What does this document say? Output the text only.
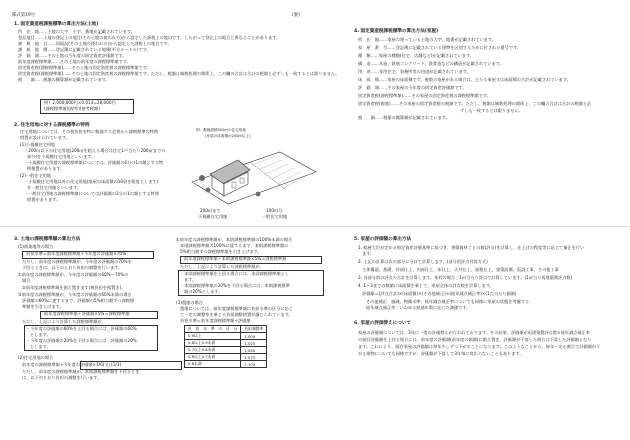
様式第19号	(裏)
1. 固定資産税課税標準の算出方法(土地)
所　在　地……土地の大字、小字、番地が記載されています。
登記地目……土地の登記上の地目(その土地の使われ方)から認定した課税上の地目です。したがって登記上の地目と異なることがあります。
課　税　地　目……同現況(その土地の使われ方)から認定した課税上の地目です。
課　税　地　積……登記簿に記載されている地積(平方メートル)です。
評　価　額……その土地の今年度の固定資産評価額です。
前年度課税標準額……その土地の前年度の課税標準額です。
固定資産税(課税標準額)……その土地の固定資産税の課税標準額です。
固定資産税(課税標準額)……その土地の固定資産税の課税標準額です。ただし、税額は端数処理の関係上、この欄の合計は合計の税額と必ずしも一致するとは限りません。
税　　額……税額の概算額が記載されています。
例）2,000,000円×0.014=28,000円
(課税標準額)(税率)(参考税額)
2. 住宅用地に対する課税標準の特例
住宅用地については、その税負担を特に軽減する必要から課税標準の特例
措置が設けられています。
(1)小規模住宅用地
・200㎡以下の住宅用地(200㎡を超える場合は住宅1戸当たり200㎡までの
部分)を小規模住宅用地といいます。
・小規模住宅用地の課税標準額については、評価額の6分の1の額とする特
例措置があります。
(2)一般住宅用地
・小規模住宅用地以外の住宅用地(家屋の床面積の10倍を限度とします)
を一般住宅用地といいます。
・一般住宅用地の課税標準額については評価額の3分の1の額とする特例
措置があります。
例：敷地面積300㎡の住宅用地
(家屋の床面積が200㎡以上)
200㎡まで
小規模住宅用地
100㎡分
一般住宅用地
4. 固定資産税課税標準の算出方法(家屋)
所　在　地……家屋の建っている土地の大字、地番が記載されています。
家　屋　番　号……登記簿に記載されている建物を区別するために付された番号です。
種　類……家屋の種類(住宅、店舗など)が記載されています。
構　造……木造、鉄筋コンクリート、鉄骨造などの構造が記載されています。
用　途……専用住宅、事務所等の用途が記載されています。
床　面　積……家屋の床面積です。複数の家屋がある場合は、主たる家屋又は床面積の合計が記載されています。
評　価　額……その家屋の今年度の固定資産評価額です。
固定資産税(課税標準額)……その家屋の固定資産税の課税標準額です。
固定資産税(税額)……その家屋の固定資産税の税額です。ただし、税額は端数処理の関係上、この欄の合計は合計の税額と必
ずしも一致するとは限りません。
税　　額……税額の概算額が記載されています。
3. 土地の課税標準額の算出方法
(1)商業地等の場合
負担水準＝前年度課税標準額÷今年度の評価額×70%
ただし、前年度の課税標準額が、今年度の評価額の70%を
下回るときは、以下のとおり負担の調整を行います。
①前年度の課税標準額が、今年度の評価額の60%～70%の
場合
②前年度課税標準額を据え置きます(税負担を据置き)。
③前年度の課税標準額が、今年度の評価額の60%未満の場合
評価額の60%に達するまで、評価額の5%相当額ずつ課税標
準額を引き上げます。
前年度課税標準額＋評価額×5%＝課税標準額
ただし、上記により計算した課税標準額が、
・今年度の評価額の60%を上回る場合には、評価額の60%
とします。
・今年度の評価額の20%を下回る場合には、評価額の20%
とします。
(2)住宅用地の場合
前年度の課税標準額÷今年度の評価額×1/6(又は1/3)
ただし、前年度の課税標準額が、本則課税標準額を下回るとき
は、以下のとおり負担の調整を行います。
①前年度の課税標準額が、本則課税標準額の100%未満の場合
本則課税標準額の100%に達するまで、本則課税標準額の
5%相当額ずつ課税標準額を引き上げます。
前年度課税標準額＋本則課税標準額×5%＝課税標準額
ただし、上記により計算した課税標準額が、
・本則課税標準額を上回る場合には、本則課税標準額とし
ます。
・本則課税標準額の20%を下回る場合には、本則課税標準
額の20%とします。
(3)農地の場合
農地については、前年度課税標準額に負担水準の区分に応じ
て一定の調整率を乗じる負担調整措置が講じられています。
負担水準＝前年度課税標準額÷評価額
負　担　水　準　の　区　分	負担調整率
0.9以上	1.000
0.8以上0.9未満	1.025
0.7以上0.8未満	1.050
0.6以上0.7未満	1.075
0.6未満	1.100
5. 家屋の評価額の算出方法
1. 総務大臣が定める固定資産評価基準に基づき、建築資材ごとの数(評点)を計算し、仕上げの程度等に応じて補正を行い
ます。
2. 上記の計算は次の部分に分けて計算します。(部分別評点付設方式)
主体構造、基礎、外部仕上、内部仕上、床仕上、天井仕上、屋根仕上、建築設備、仮設工事、その他工事
3. 各部分別の評点の合計を計算します。本村の場合、1㎡当たり評点で計算しています。(1㎡当り再建築費評点数)
4. 1～3までの数値に床面積を乗じて、家屋全体の評点数を計算します。
評価額＝(評点合計)×(床面積)×(その他補正)×(経年減点補正率)×(1点当たり価額)
その他補正：過疎、物価水準、経年減点補正率についても同様に家屋の状態を考慮する
経年減点補正率：いわゆる経過年数に応じた減価です。
6. 家屋の評価替えについて
家屋の評価額については、3年に一度の評価替えが行われております。その結果、評価額が再建築費評点数×経年減点補正率
の前回評価額を上回る場合には、前年度の評価額(前年度の価額)に据え置き、評価額が下落した場合は下落した評価額となり
ます。これにより、既存家屋の評価額は毎年少しずつ下がることになります。このようなことから、毎年一定の割合で評価額が下
がる建物についても同様ですが、評価額が下落して3年毎に変わらないこともあります。
